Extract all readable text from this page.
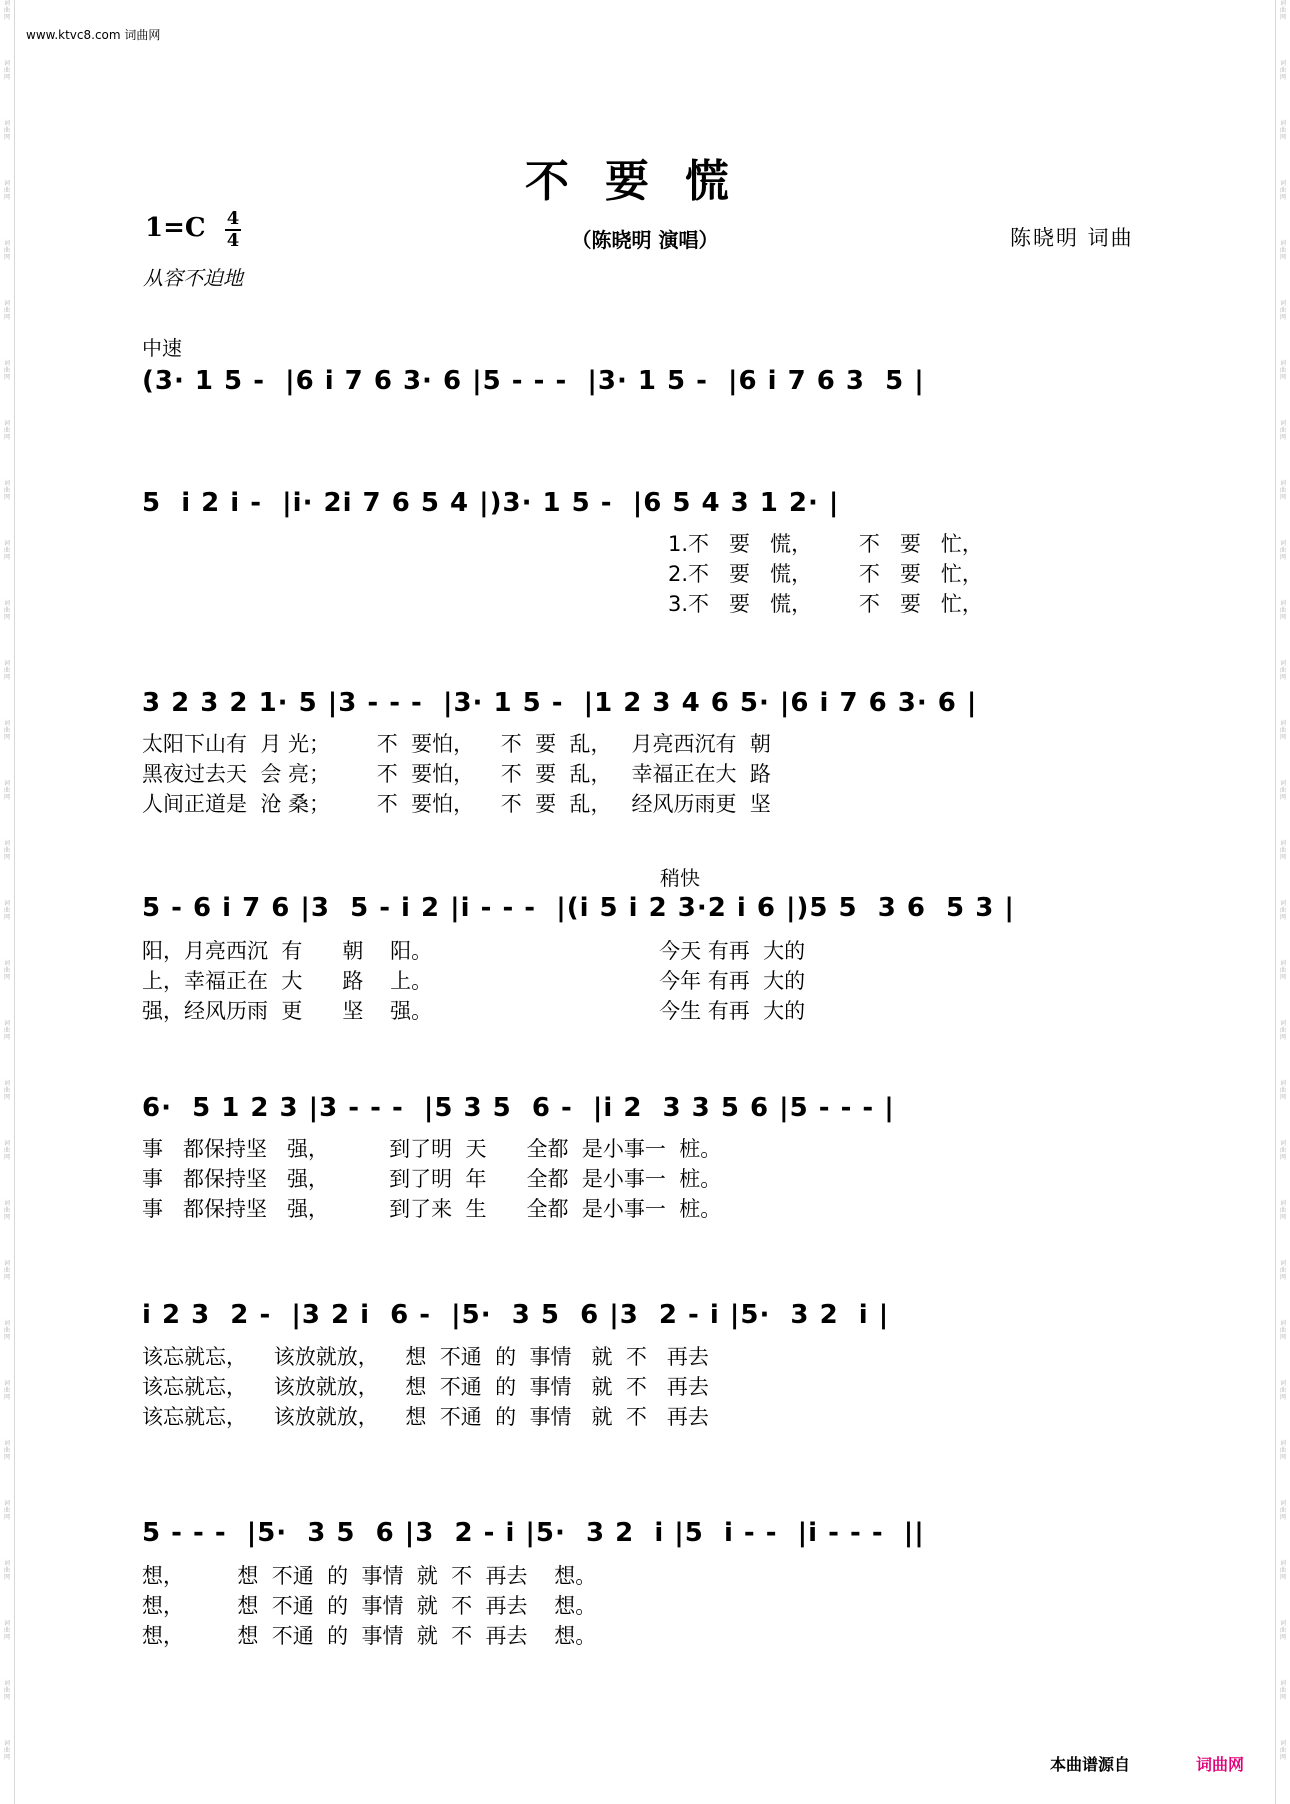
词
曲
网
词
曲
网
词
曲
网
词
曲
网
词
曲
网
词
曲
网
词
曲
网
词
曲
网
词
曲
网
词
曲
网
词
曲
网
词
曲
网
词
曲
网
词
曲
网
词
曲
网
词
曲
网
词
曲
网
词
曲
网
词
曲
网
词
曲
网
词
曲
网
词
曲
网
词
曲
网
词
曲
网
词
曲
网
词
曲
网
词
曲
网
词
曲
网
词
曲
网
词
曲
网
词
曲
网
词
曲
网
词
曲
网
词
曲
网
词
曲
网
词
曲
网
词
曲
网
词
曲
网
词
曲
网
词
曲
网
词
曲
网
词
曲
网
词
曲
网
词
曲
网
词
曲
网
词
曲
网
词
曲
网
词
曲
网
词
曲
网
词
曲
网
词
曲
网
词
曲
网
词
曲
网
词
曲
网
词
曲
网
词
曲
网
词
曲
网
词
曲
网
词
曲
网
词
曲
网
www.ktvc8.com 词曲网
不要慌
1=C 4
4	（陈晓明 演唱）	陈晓明 词曲
从容不迫地
中速
稍快
(3· 1 5 -  |6 i 7 6 3· 6 |5 - - -  |3· 1 5 -  |6 i 7 6 3  5 |
5  i 2 i -  |i· 2i 7 6 5 4 |)3· 1 5 -  |6 5 4 3 1 2· |
1.不   要   慌，       不   要   忙，
2.不   要   慌，       不   要   忙，
3.不   要   慌，       不   要   忙，
3 2 3 2 1· 5 |3 - - -  |3· 1 5 -  |1 2 3 4 6 5· |6 i 7 6 3· 6 |
太阳下山有  月 光；       不  要怕，    不  要  乱，   月亮西沉有  朝
黑夜过去天  会 亮；       不  要怕，    不  要  乱，   幸福正在大  路
人间正道是  沧 桑；       不  要怕，    不  要  乱，   经风历雨更  坚
5 - 6 i 7 6 |3  5 - i 2 |i - - -  |(i 5 i 2 3·2 i 6 |)5 5  3 6  5 3 |
阳，月亮西沉  有      朝    阳。                                  今天 有再  大的
上，幸福正在  大      路    上。                                  今年 有再  大的
强，经风历雨  更      坚    强。                                  今生 有再  大的
6·  5 1 2 3 |3 - - -  |5 3 5  6 -  |i 2  3 3 5 6 |5 - - - |
事   都保持坚   强，         到了明  天      全都  是小事一  桩。
事   都保持坚   强，         到了明  年      全都  是小事一  桩。
事   都保持坚   强，         到了来  生      全都  是小事一  桩。
i 2 3  2 -  |3 2 i  6 -  |5·  3 5  6 |3  2 - i |5·  3 2  i |
该忘就忘，    该放就放，    想  不通  的  事情   就  不   再去
该忘就忘，    该放就放，    想  不通  的  事情   就  不   再去
该忘就忘，    该放就放，    想  不通  的  事情   就  不   再去
5 - - -  |5·  3 5  6 |3  2 - i |5·  3 2  i |5  i - -  |i - - -  ||
想，        想  不通  的  事情  就  不  再去    想。
想，        想  不通  的  事情  就  不  再去    想。
想，        想  不通  的  事情  就  不  再去    想。
本曲谱源自	词曲网
